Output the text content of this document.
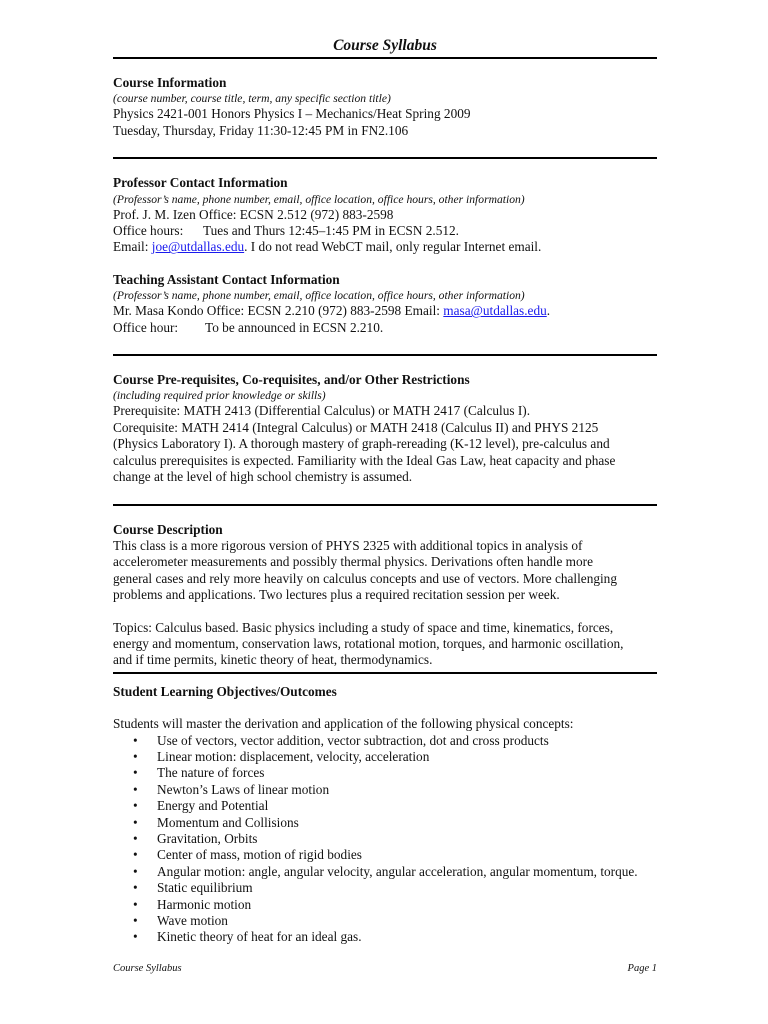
Course Syllabus
Course Information
(course number, course title, term, any specific section title)
Physics 2421-001 Honors Physics I – Mechanics/Heat Spring 2009
Tuesday, Thursday, Friday 11:30-12:45 PM in FN2.106
Professor Contact Information
(Professor’s name, phone number, email, office location, office hours, other information)
Prof. J. M. Izen Office: ECSN 2.512 (972) 883-2598
Office hours: Tues and Thurs 12:45–1:45 PM in ECSN 2.512.
Email: joe@utdallas.edu. I do not read WebCT mail, only regular Internet email.
Teaching Assistant Contact Information
(Professor’s name, phone number, email, office location, office hours, other information)
Mr. Masa Kondo Office: ECSN 2.210 (972) 883-2598 Email: masa@utdallas.edu.
Office hour: To be announced in ECSN 2.210.
Course Pre-requisites, Co-requisites, and/or Other Restrictions
(including required prior knowledge or skills)
Prerequisite: MATH 2413 (Differential Calculus) or MATH 2417 (Calculus I).
Corequisite: MATH 2414 (Integral Calculus) or MATH 2418 (Calculus II) and PHYS 2125
(Physics Laboratory I). A thorough mastery of graph-rereading (K-12 level), pre-calculus and
calculus prerequisites is expected. Familiarity with the Ideal Gas Law, heat capacity and phase
change at the level of high school chemistry is assumed.
Course Description
This class is a more rigorous version of PHYS 2325 with additional topics in analysis of
accelerometer measurements and possibly thermal physics. Derivations often handle more
general cases and rely more heavily on calculus concepts and use of vectors. More challenging
problems and applications. Two lectures plus a required recitation session per week.
Topics: Calculus based. Basic physics including a study of space and time, kinematics, forces,
energy and momentum, conservation laws, rotational motion, torques, and harmonic oscillation,
and if time permits, kinetic theory of heat, thermodynamics.
Student Learning Objectives/Outcomes
Students will master the derivation and application of the following physical concepts:
• Use of vectors, vector addition, vector subtraction, dot and cross products
• Linear motion: displacement, velocity, acceleration
• The nature of forces
• Newton’s Laws of linear motion
• Energy and Potential
• Momentum and Collisions
• Gravitation, Orbits
• Center of mass, motion of rigid bodies
• Angular motion: angle, angular velocity, angular acceleration, angular momentum, torque.
• Static equilibrium
• Harmonic motion
• Wave motion
• Kinetic theory of heat for an ideal gas.
Course Syllabus	Page 1
